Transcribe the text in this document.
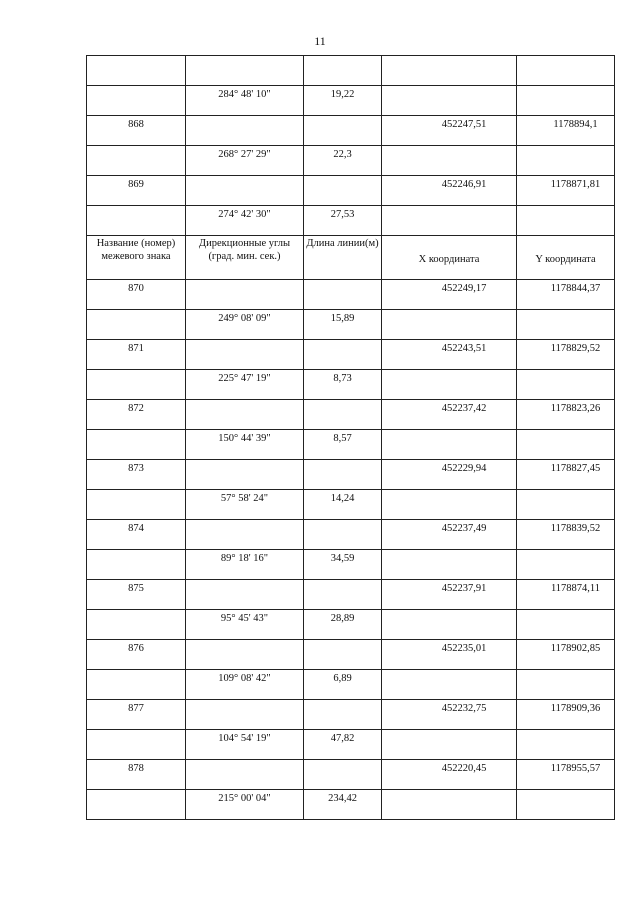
11

	284° 48' 10"	19,22		

868			452247,51	1178894,1

	268° 27' 29"	22,3		

869			452246,91	1178871,81

	274° 42' 30"	27,53		

Название (номер) межевого знака	Дирекционные углы (град. мин. сек.)	Длина линии(м)	X координата	Y координата

870			452249,17	1178844,37

	249° 08' 09"	15,89		

871			452243,51	1178829,52

	225° 47' 19"	8,73		

872			452237,42	1178823,26

	150° 44' 39"	8,57		

873			452229,94	1178827,45

	57° 58' 24"	14,24		

874			452237,49	1178839,52

	89° 18' 16"	34,59		

875			452237,91	1178874,11

	95° 45' 43"	28,89		

876			452235,01	1178902,85

	109° 08' 42"	6,89		

877			452232,75	1178909,36

	104° 54' 19"	47,82		

878			452220,45	1178955,57

	215° 00' 04"	234,42		
